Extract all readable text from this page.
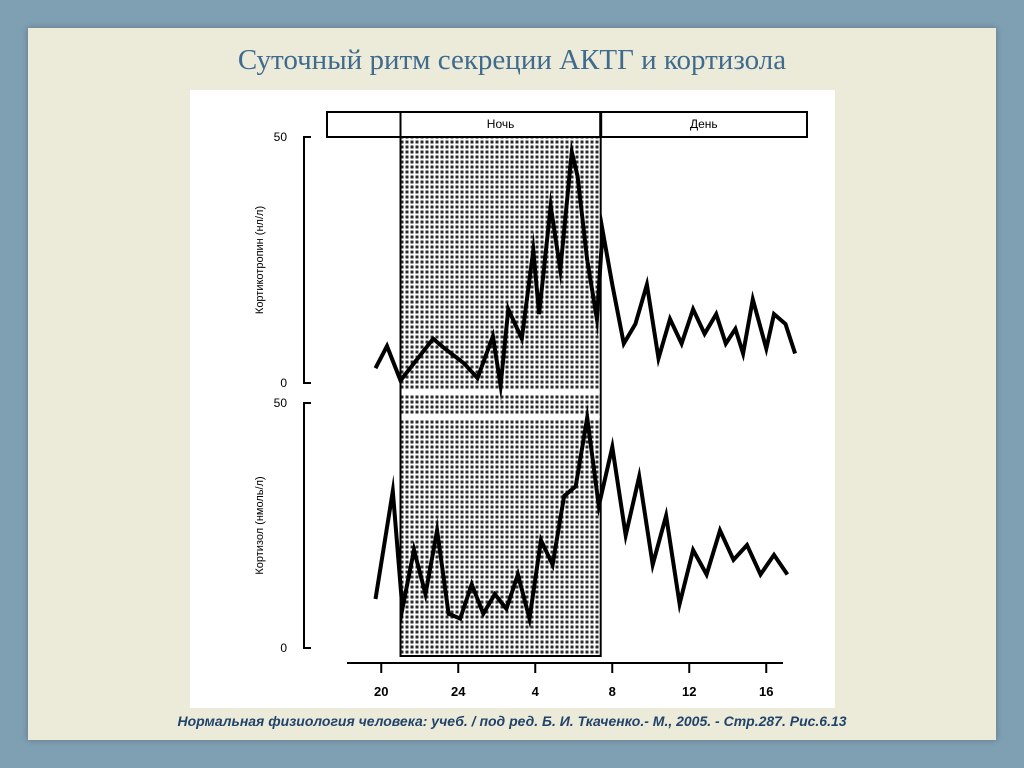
Суточный ритм секреции АКТГ и кортизола
Ночь	День
50
0
Кортикотропин (нл/л)
50
0
Кортизол (нмоль/л)
20	24	4	8	12	16
Нормальная физиология человека: учеб. / под ред. Б. И. Ткаченко.- М., 2005. - Стр.287. Рис.6.13
